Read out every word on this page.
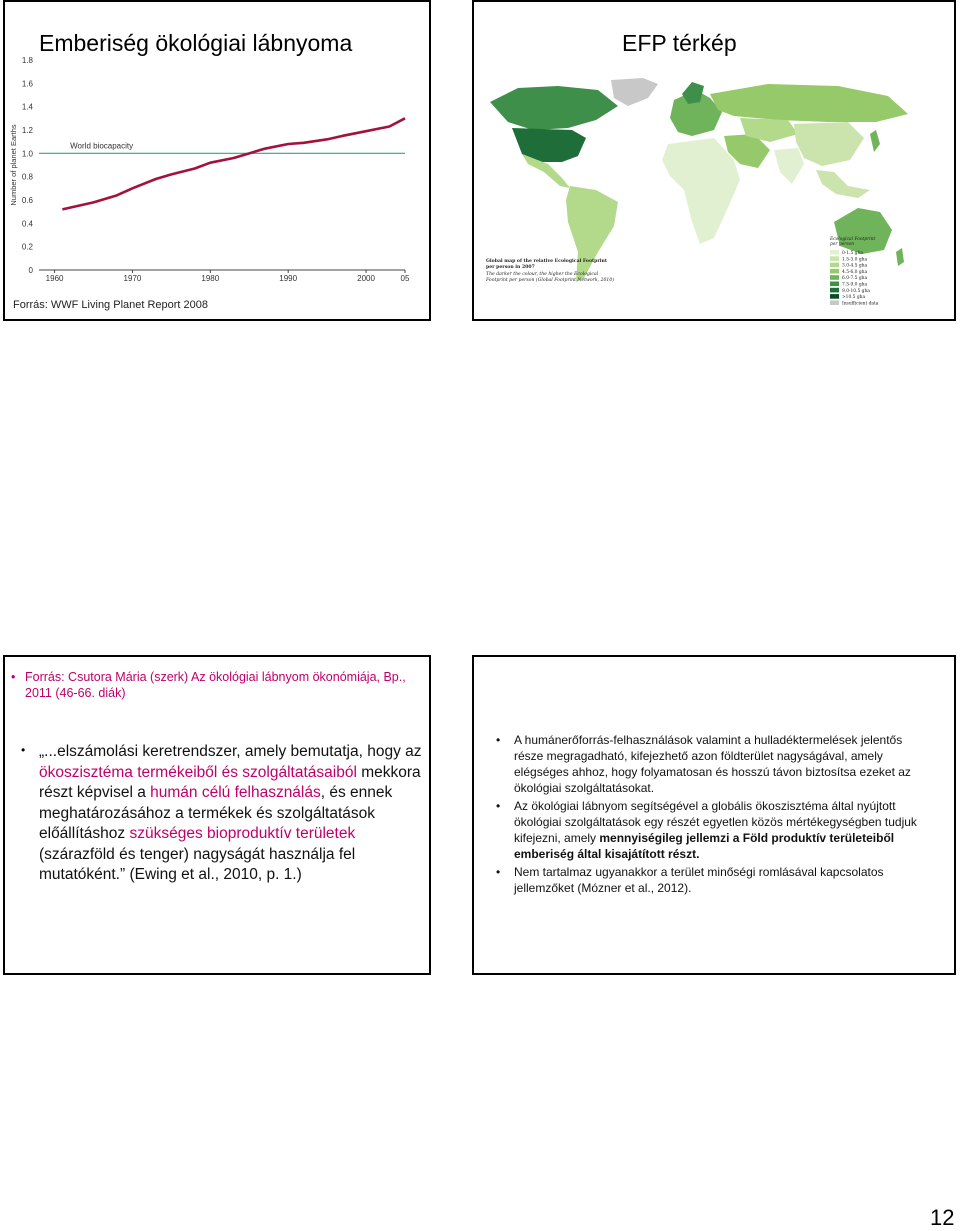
Emberiség ökológiai lábnyoma
0
0.2
0.4
0.6
0.8
1.0
1.2
1.4
1.6
1.8
1960	1970	1980	1990	2000	05
Number of planet Earths	World biocapacity
Forrás: WWF Living Planet Report 2008
EFP térkép
Global map of the relative Ecological Footprint
per person in 2007
The darker the colour, the higher the Ecological
Footprint per person (Global Footprint Network, 2010)
Ecological Footprint
per person
0-1.5 gha
1.5-3.0 gha
3.0-4.5 gha
4.5-6.0 gha
6.0-7.5 gha
7.5-9.0 gha
9.0-10.5 gha
>10.5 gha
Insufficient data
• Forrás: Csutora Mária (szerk) Az ökológiai lábnyom ökonómiája, Bp., 2011 (46-66. diák)
• „...elszámolási keretrendszer, amely bemutatja, hogy az ökoszisztéma termékeiből és szolgáltatásaiból mekkora részt képvisel a humán célú felhasználás, és ennek meghatározásához a termékek és szolgáltatások előállításhoz szükséges bioproduktív területek (szárazföld és tenger) nagyságát használja fel mutatóként.” (Ewing et al., 2010, p. 1.)
• A humánerőforrás-felhasználások valamint a hulladéktermelések jelentős része megragadható, kifejezhető azon földterület nagyságával, amely elégséges ahhoz, hogy folyamatosan és hosszú távon biztosítsa ezeket az ökológiai szolgáltatásokat.
• Az ökológiai lábnyom segítségével a globális ökoszisztéma által nyújtott ökológiai szolgáltatások egy részét egyetlen közös mértékegységben tudjuk kifejezni, amely mennyiségileg jellemzi a Föld produktív területeiből emberiség által kisajátított részt.
• Nem tartalmaz ugyanakkor a terület minőségi romlásával kapcsolatos jellemzőket (Mózner et al., 2012).
12
